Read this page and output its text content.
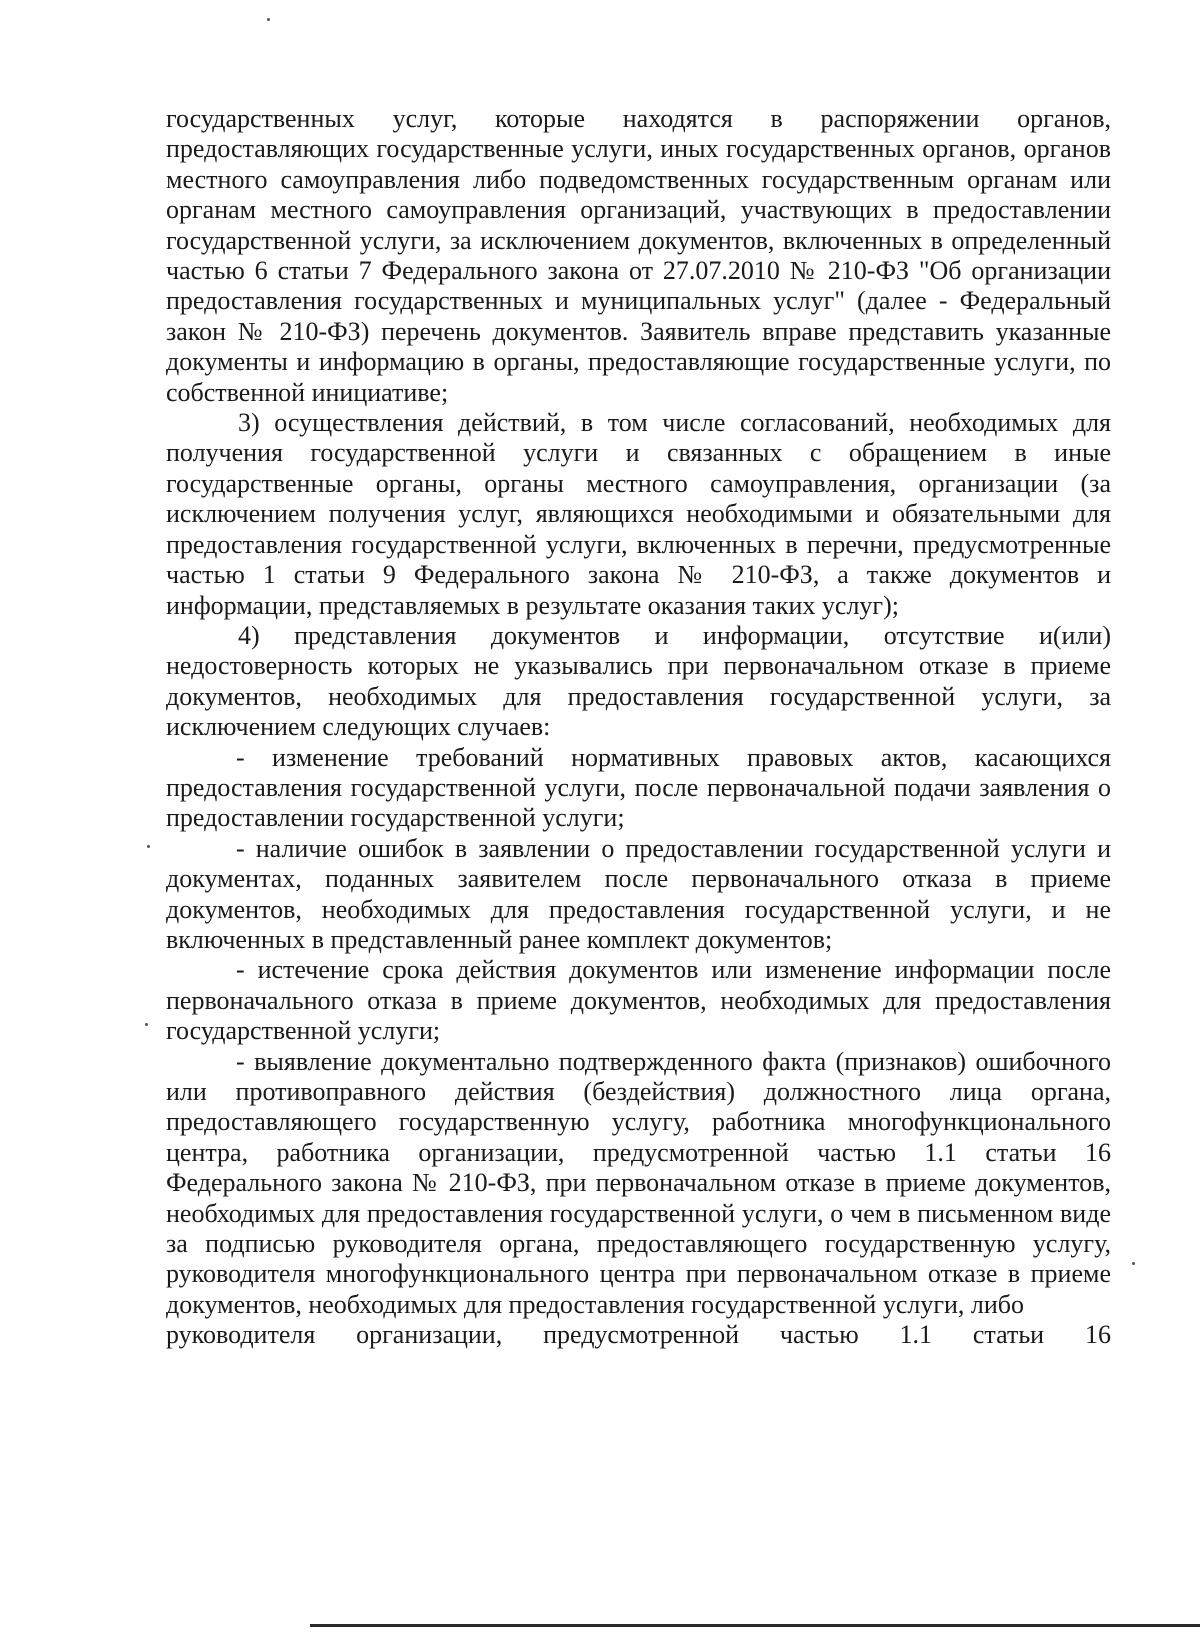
государственных услуг, которые находятся в распоряжении органов, предоставляющих государственные услуги, иных государственных органов, органов местного самоуправления либо подведомственных государственным органам или органам местного самоуправления организаций, участвующих в предоставлении государственной услуги, за исключением документов, включенных в определенный частью 6 статьи 7 Федерального закона от 27.07.2010 № 210-ФЗ "Об организации предоставления государственных и муниципальных услуг" (далее - Федеральный закон № 210-ФЗ) перечень документов. Заявитель вправе представить указанные документы и информацию в органы, предоставляющие государственные услуги, по собственной инициативе;

3) осуществления действий, в том числе согласований, необходимых для получения государственной услуги и связанных с обращением в иные государственные органы, органы местного самоуправления, организации (за исключением получения услуг, являющихся необходимыми и обязательными для предоставления государственной услуги, включенных в перечни, предусмотренные частью 1 статьи 9 Федерального закона № 210-ФЗ, а также документов и информации, представляемых в результате оказания таких услуг);

4) представления документов и информации, отсутствие и(или) недостоверность которых не указывались при первоначальном отказе в приеме документов, необходимых для предоставления государственной услуги, за исключением следующих случаев:

- изменение требований нормативных правовых актов, касающихся предоставления государственной услуги, после первоначальной подачи заявления о предоставлении государственной услуги;

- наличие ошибок в заявлении о предоставлении государственной услуги и документах, поданных заявителем после первоначального отказа в приеме документов, необходимых для предоставления государственной услуги, и не включенных в представленный ранее комплект документов;

- истечение срока действия документов или изменение информации после первоначального отказа в приеме документов, необходимых для предоставления государственной услуги;

- выявление документально подтвержденного факта (признаков) ошибочного или противоправного действия (бездействия) должностного лица органа, предоставляющего государственную услугу, работника многофункционального центра, работника организации, предусмотренной частью 1.1 статьи 16 Федерального закона № 210-ФЗ, при первоначальном отказе в приеме документов, необходимых для предоставления государственной услуги, о чем в письменном виде за подписью руководителя органа, предоставляющего государственную услугу, руководителя многофункционального центра при первоначальном отказе в приеме документов, необходимых для предоставления государственной услуги, либо

руководителя организации, предусмотренной частью 1.1 статьи 16
